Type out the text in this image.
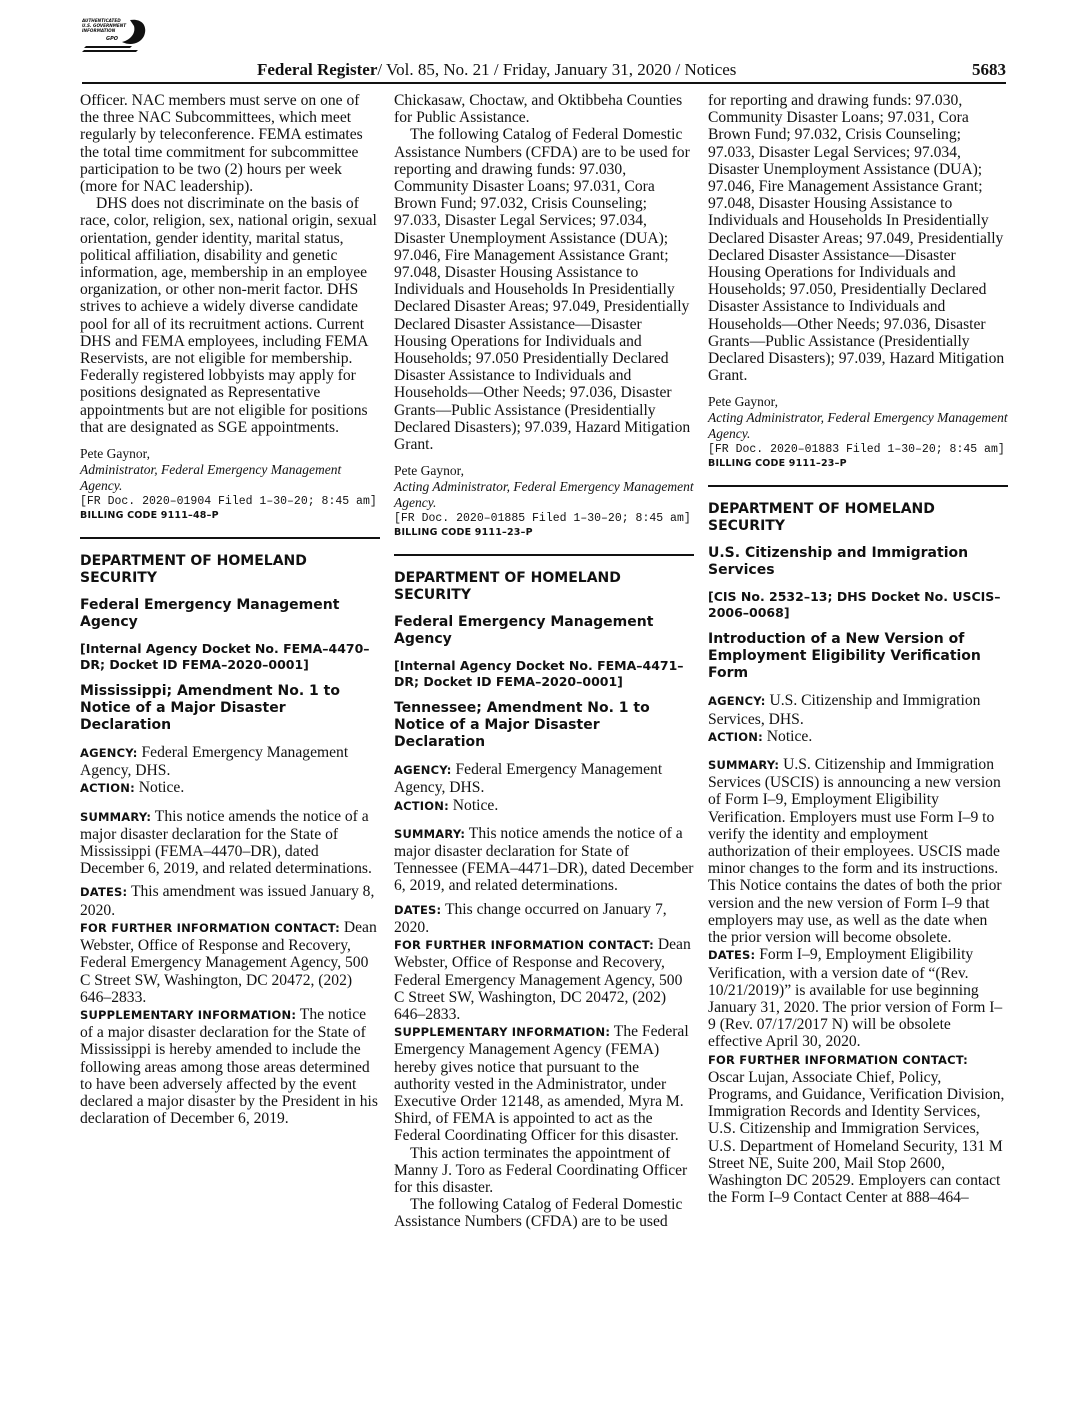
AUTHENTICATED
U.S. GOVERNMENT
INFORMATION
GPO
Federal Register/ Vol. 85, No. 21 / Friday, January 31, 2020 / Notices	5683

Officer. NAC members must serve on one of the three NAC Subcommittees, which meet regularly by teleconference. FEMA estimates the total time commitment for subcommittee participation to be two (2) hours per week (more for NAC leadership).

DHS does not discriminate on the basis of race, color, religion, sex, national origin, sexual orientation, gender identity, marital status, political affiliation, disability and genetic information, age, membership in an employee organization, or other non-merit factor. DHS strives to achieve a widely diverse candidate pool for all of its recruitment actions. Current DHS and FEMA employees, including FEMA Reservists, are not eligible for membership. Federally registered lobbyists may apply for positions designated as Representative appointments but are not eligible for positions that are designated as SGE appointments.

Pete Gaynor,

Administrator, Federal Emergency Management Agency.

[FR Doc. 2020–01904 Filed 1–30–20; 8:45 am]

BILLING CODE 9111–48–P

DEPARTMENT OF HOMELAND SECURITY

Federal Emergency Management Agency

[Internal Agency Docket No. FEMA–4470–DR; Docket ID FEMA–2020–0001]

Mississippi; Amendment No. 1 to Notice of a Major Disaster Declaration

AGENCY: Federal Emergency Management Agency, DHS.

ACTION: Notice.

SUMMARY: This notice amends the notice of a major disaster declaration for the State of Mississippi (FEMA–4470–DR), dated December 6, 2019, and related determinations.

DATES: This amendment was issued January 8, 2020.

FOR FURTHER INFORMATION CONTACT: Dean Webster, Office of Response and Recovery, Federal Emergency Management Agency, 500 C Street SW, Washington, DC 20472, (202) 646–2833.

SUPPLEMENTARY INFORMATION: The notice of a major disaster declaration for the State of Mississippi is hereby amended to include the following areas among those areas determined to have been adversely affected by the event declared a major disaster by the President in his declaration of December 6, 2019.

Chickasaw, Choctaw, and Oktibbeha Counties for Public Assistance.

The following Catalog of Federal Domestic Assistance Numbers (CFDA) are to be used for reporting and drawing funds: 97.030, Community Disaster Loans; 97.031, Cora Brown Fund; 97.032, Crisis Counseling; 97.033, Disaster Legal Services; 97.034, Disaster Unemployment Assistance (DUA); 97.046, Fire Management Assistance Grant; 97.048, Disaster Housing Assistance to Individuals and Households In Presidentially Declared Disaster Areas; 97.049, Presidentially Declared Disaster Assistance—Disaster Housing Operations for Individuals and Households; 97.050 Presidentially Declared Disaster Assistance to Individuals and Households—Other Needs; 97.036, Disaster Grants—Public Assistance (Presidentially Declared Disasters); 97.039, Hazard Mitigation Grant.

Pete Gaynor,

Acting Administrator, Federal Emergency Management Agency.

[FR Doc. 2020–01885 Filed 1–30–20; 8:45 am]

BILLING CODE 9111–23–P

DEPARTMENT OF HOMELAND SECURITY

Federal Emergency Management Agency

[Internal Agency Docket No. FEMA–4471–DR; Docket ID FEMA–2020–0001]

Tennessee; Amendment No. 1 to Notice of a Major Disaster Declaration

AGENCY: Federal Emergency Management Agency, DHS.

ACTION: Notice.

SUMMARY: This notice amends the notice of a major disaster declaration for State of Tennessee (FEMA–4471–DR), dated December 6, 2019, and related determinations.

DATES: This change occurred on January 7, 2020.

FOR FURTHER INFORMATION CONTACT: Dean Webster, Office of Response and Recovery, Federal Emergency Management Agency, 500 C Street SW, Washington, DC 20472, (202) 646–2833.

SUPPLEMENTARY INFORMATION: The Federal Emergency Management Agency (FEMA) hereby gives notice that pursuant to the authority vested in the Administrator, under Executive Order 12148, as amended, Myra M. Shird, of FEMA is appointed to act as the Federal Coordinating Officer for this disaster.

This action terminates the appointment of Manny J. Toro as Federal Coordinating Officer for this disaster.

The following Catalog of Federal Domestic Assistance Numbers (CFDA) are to be used

for reporting and drawing funds: 97.030, Community Disaster Loans; 97.031, Cora Brown Fund; 97.032, Crisis Counseling; 97.033, Disaster Legal Services; 97.034, Disaster Unemployment Assistance (DUA); 97.046, Fire Management Assistance Grant; 97.048, Disaster Housing Assistance to Individuals and Households In Presidentially Declared Disaster Areas; 97.049, Presidentially Declared Disaster Assistance—Disaster Housing Operations for Individuals and Households; 97.050, Presidentially Declared Disaster Assistance to Individuals and Households—Other Needs; 97.036, Disaster Grants—Public Assistance (Presidentially Declared Disasters); 97.039, Hazard Mitigation Grant.

Pete Gaynor,

Acting Administrator, Federal Emergency Management Agency.

[FR Doc. 2020–01883 Filed 1–30–20; 8:45 am]

BILLING CODE 9111–23–P

DEPARTMENT OF HOMELAND SECURITY

U.S. Citizenship and Immigration Services

[CIS No. 2532–13; DHS Docket No. USCIS–2006–0068]

Introduction of a New Version of Employment Eligibility Verification Form

AGENCY: U.S. Citizenship and Immigration Services, DHS.

ACTION: Notice.

SUMMARY: U.S. Citizenship and Immigration Services (USCIS) is announcing a new version of Form I–9, Employment Eligibility Verification. Employers must use Form I–9 to verify the identity and employment authorization of their employees. USCIS made minor changes to the form and its instructions. This Notice contains the dates of both the prior version and the new version of Form I–9 that employers may use, as well as the date when the prior version will become obsolete.

DATES: Form I–9, Employment Eligibility Verification, with a version date of “(Rev. 10/21/2019)” is available for use beginning January 31, 2020. The prior version of Form I–9 (Rev. 07/17/2017 N) will be obsolete effective April 30, 2020.

FOR FURTHER INFORMATION CONTACT: Oscar Lujan, Associate Chief, Policy, Programs, and Guidance, Verification Division, Immigration Records and Identity Services, U.S. Citizenship and Immigration Services, U.S. Department of Homeland Security, 131 M Street NE, Suite 200, Mail Stop 2600, Washington DC 20529. Employers can contact the Form I–9 Contact Center at 888–464–
